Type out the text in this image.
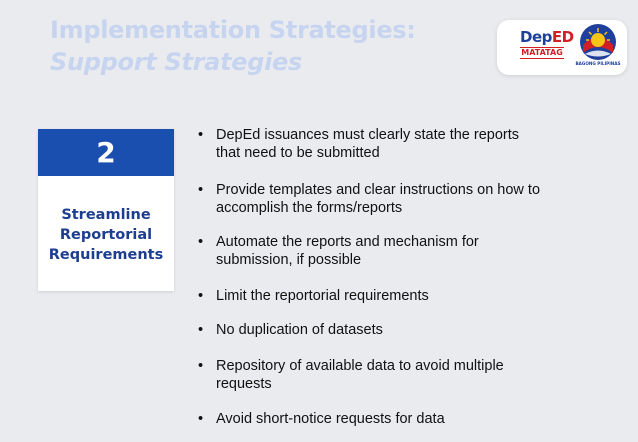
Implementation Strategies:
Support Strategies
DepED
MATATAG
BAGONG PILIPINAS
2
Streamline
Reportorial
Requirements
• DepEd issuances must clearly state the reports
that need to be submitted
• Provide templates and clear instructions on how to
accomplish the forms/reports
• Automate the reports and mechanism for
submission, if possible
• Limit the reportorial requirements
• No duplication of datasets
• Repository of available data to avoid multiple
requests
• Avoid short-notice requests for data
